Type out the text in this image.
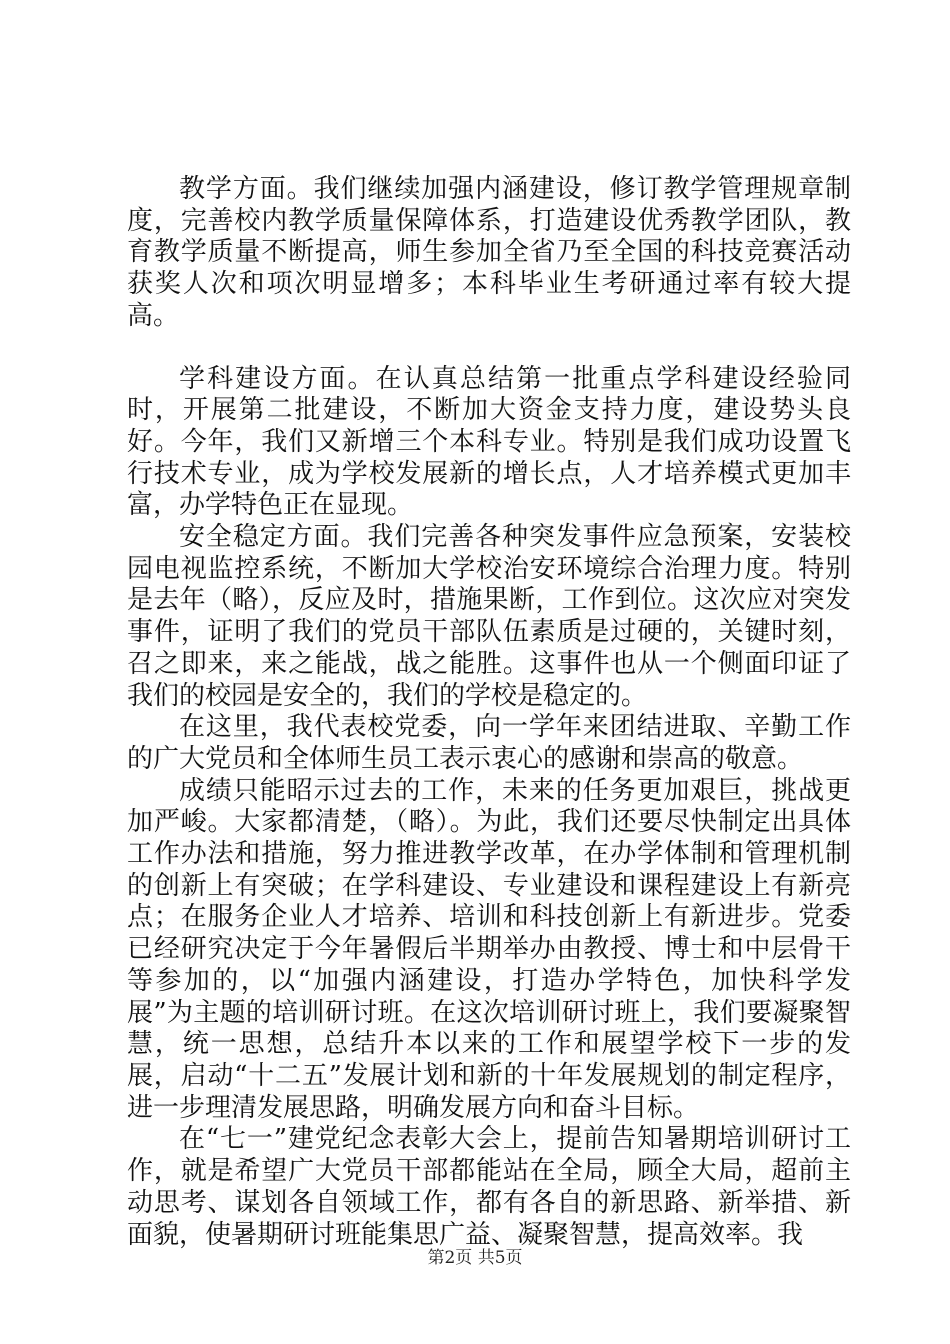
教学方面。我们继续加强内涵建设，修订教学管理规章制度，完善校内教学质量保障体系，打造建设优秀教学团队，教育教学质量不断提高，师生参加全省乃至全国的科技竞赛活动获奖人次和项次明显增多；本科毕业生考研通过率有较大提高。

学科建设方面。在认真总结第一批重点学科建设经验同时，开展第二批建设，不断加大资金支持力度，建设势头良好。今年，我们又新增三个本科专业。特别是我们成功设置飞行技术专业，成为学校发展新的增长点，人才培养模式更加丰富，办学特色正在显现。

安全稳定方面。我们完善各种突发事件应急预案，安装校园电视监控系统，不断加大学校治安环境综合治理力度。特别是去年（略），反应及时，措施果断，工作到位。这次应对突发事件，证明了我们的党员干部队伍素质是过硬的，关键时刻，召之即来，来之能战，战之能胜。这事件也从一个侧面印证了我们的校园是安全的，我们的学校是稳定的。

在这里，我代表校党委，向一学年来团结进取、辛勤工作的广大党员和全体师生员工表示衷心的感谢和崇高的敬意。

成绩只能昭示过去的工作，未来的任务更加艰巨，挑战更加严峻。大家都清楚，（略）。为此，我们还要尽快制定出具体工作办法和措施，努力推进教学改革，在办学体制和管理机制的创新上有突破；在学科建设、专业建设和课程建设上有新亮点；在服务企业人才培养、培训和科技创新上有新进步。党委已经研究决定于今年暑假后半期举办由教授、博士和中层骨干等参加的，以“加强内涵建设，打造办学特色，加快科学发展”为主题的培训研讨班。在这次培训研讨班上，我们要凝聚智慧，统一思想，总结升本以来的工作和展望学校下一步的发展，启动“十二五”发展计划和新的十年发展规划的制定程序，进一步理清发展思路，明确发展方向和奋斗目标。

在“七一”建党纪念表彰大会上，提前告知暑期培训研讨工作，就是希望广大党员干部都能站在全局，顾全大局，超前主动思考、谋划各自领域工作，都有各自的新思路、新举措、新面貌，使暑期研讨班能集思广益、凝聚智慧，提高效率。我

第2页 共5页
